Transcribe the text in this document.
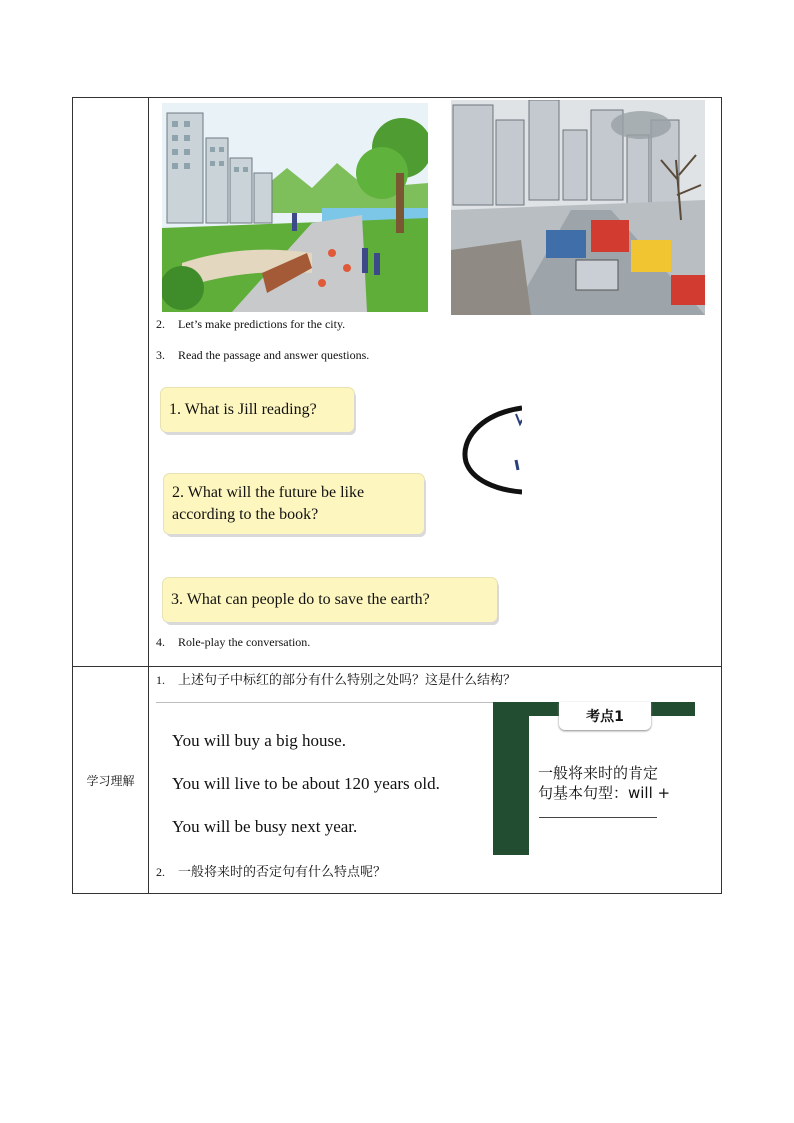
学习理解
2. Let’s make predictions for the city.
3. Read the passage and answer questions.
1. What is Jill reading?
2. What will the future be like according to the book?
3. What can people do to save the earth?
4. Role-play the conversation.
1. 上述句子中标红的部分有什么特别之处吗？这是什么结构？
You will buy a big house.
You will live to be about 120 years old.
You will be busy next year.
考点1
一般将来时的肯定
句基本句型：will +
2. 一般将来时的否定句有什么特点呢？
